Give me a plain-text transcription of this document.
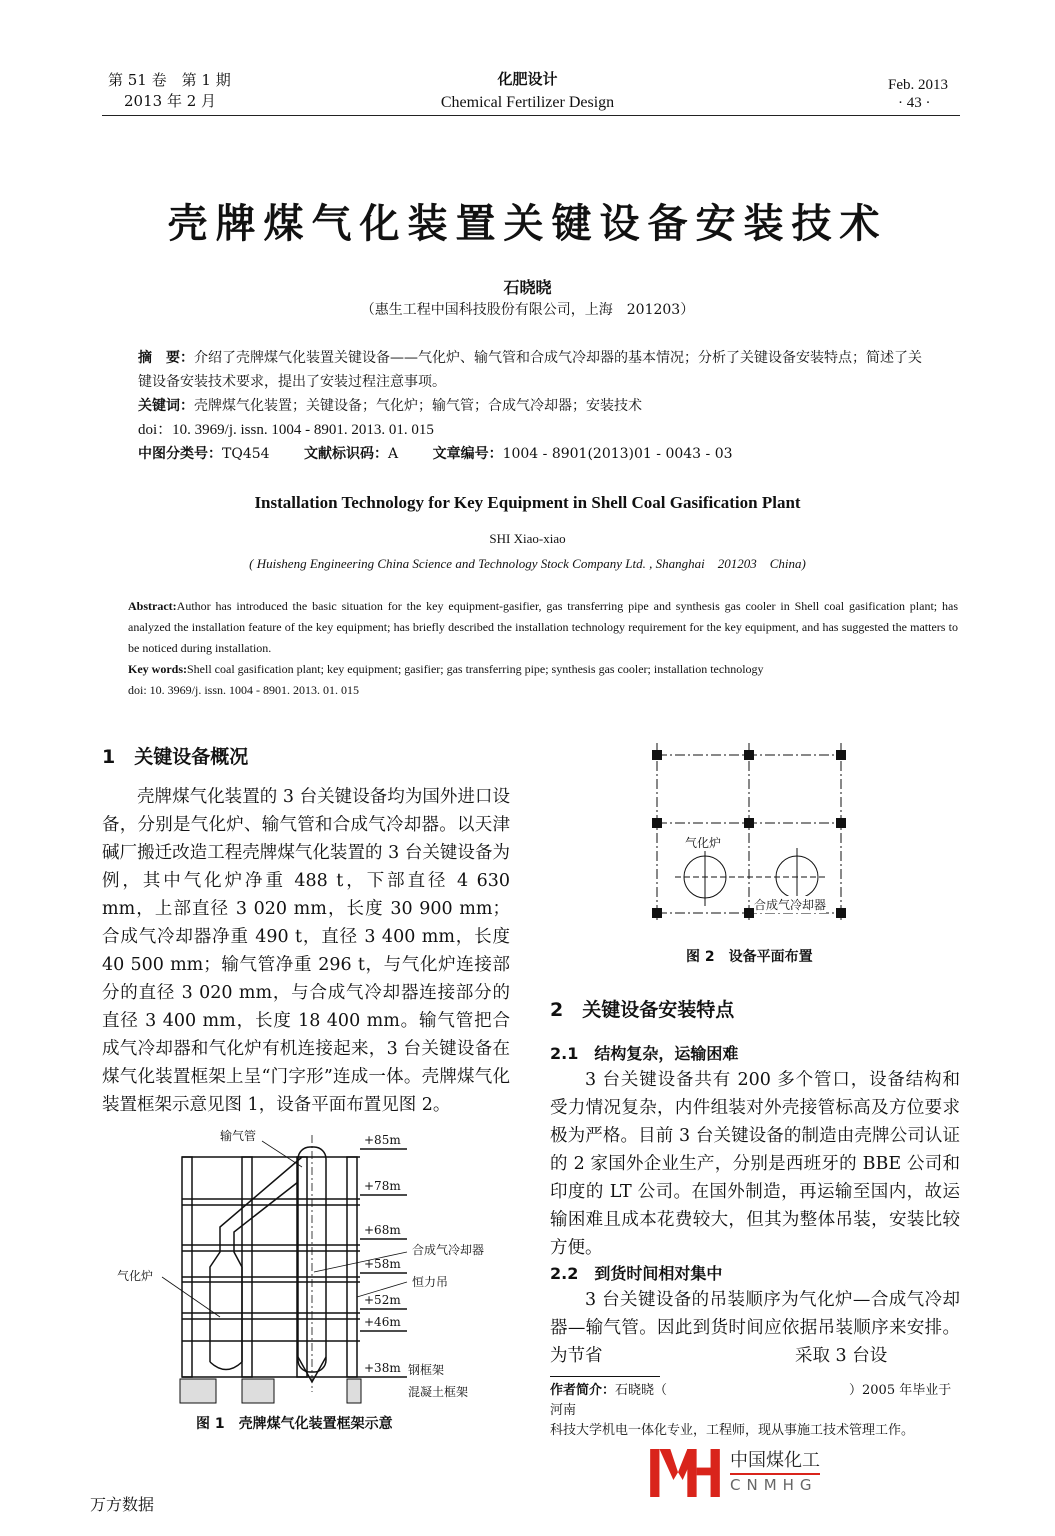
第 51 卷　第 1 期
2013 年 2 月
化肥设计
Chemical Fertilizer Design
Feb. 2013
· 43 ·
壳牌煤气化装置关键设备安装技术
石晓晓
（惠生工程中国科技股份有限公司，上海　201203）
摘　要：介绍了壳牌煤气化装置关键设备——气化炉、输气管和合成气冷却器的基本情况；分析了关键设备安装特点；简述了关键设备安装技术要求，提出了安装过程注意事项。
关键词：壳牌煤气化装置；关键设备；气化炉；输气管；合成气冷却器；安装技术
doi：10. 3969/j. issn. 1004 - 8901. 2013. 01. 015
中图分类号：TQ454 文献标识码：A 文章编号：1004 - 8901(2013)01 - 0043 - 03
Installation Technology for Key Equipment in Shell Coal Gasification Plant
SHI Xiao-xiao
( Huisheng Engineering China Science and Technology Stock Company Ltd. , Shanghai　201203　China)
Abstract:Author has introduced the basic situation for the key equipment-gasifier, gas transferring pipe and synthesis gas cooler in Shell coal gasification plant; has analyzed the installation feature of the key equipment; has briefly described the installation technology requirement for the key equipment, and has suggested the matters to be noticed during installation.
Key words:Shell coal gasification plant; key equipment; gasifier; gas transferring pipe; synthesis gas cooler; installation technology
doi: 10. 3969/j. issn. 1004 - 8901. 2013. 01. 015
1　关键设备概况
壳牌煤气化装置的 3 台关键设备均为国外进口设备，分别是气化炉、输气管和合成气冷却器。以天津碱厂搬迁改造工程壳牌煤气化装置的 3 台关键设备为例，其中气化炉净重 488 t，下部直径 4 630 mm，上部直径 3 020 mm，长度 30 900 mm；合成气冷却器净重 490 t，直径 3 400 mm，长度 40 500 mm；输气管净重 296 t，与气化炉连接部分的直径 3 020 mm，与合成气冷却器连接部分的直径 3 400 mm，长度 18 400 mm。输气管把合成气冷却器和气化炉有机连接起来，3 台关键设备在煤气化装置框架上呈“门字形”连成一体。壳牌煤气化装置框架示意见图 1，设备平面布置见图 2。
输气管
气化炉
合成气冷却器
恒力吊
钢框架
混凝土框架
+85m
+78m
+68m
+58m
+52m
+46m
+38m
图 1　壳牌煤气化装置框架示意
气化炉
合成气冷却器
图 2　设备平面布置
2　关键设备安装特点
2.1　结构复杂，运输困难
3 台关键设备共有 200 多个管口，设备结构和受力情况复杂，内件组装对外壳接管标高及方位要求极为严格。目前 3 台关键设备的制造由壳牌公司认证的 2 家国外企业生产，分别是西班牙的 BBE 公司和印度的 LT 公司。在国外制造，再运输至国内，故运输困难且成本花费较大，但其为整体吊装，安装比较方便。
2.2　到货时间相对集中
3 台关键设备的吊装顺序为气化炉—合成气冷却器—输气管。因此到货时间应依据吊装顺序来安排。为节省　　　　　　　　　　　采取 3 台设
作者简介：石晓晓（　　　　　　　　　　　　　　）2005 年毕业于河南
科技大学机电一体化专业，工程师，现从事施工技术管理工作。
中国煤化工
CNMHG
万方数据
